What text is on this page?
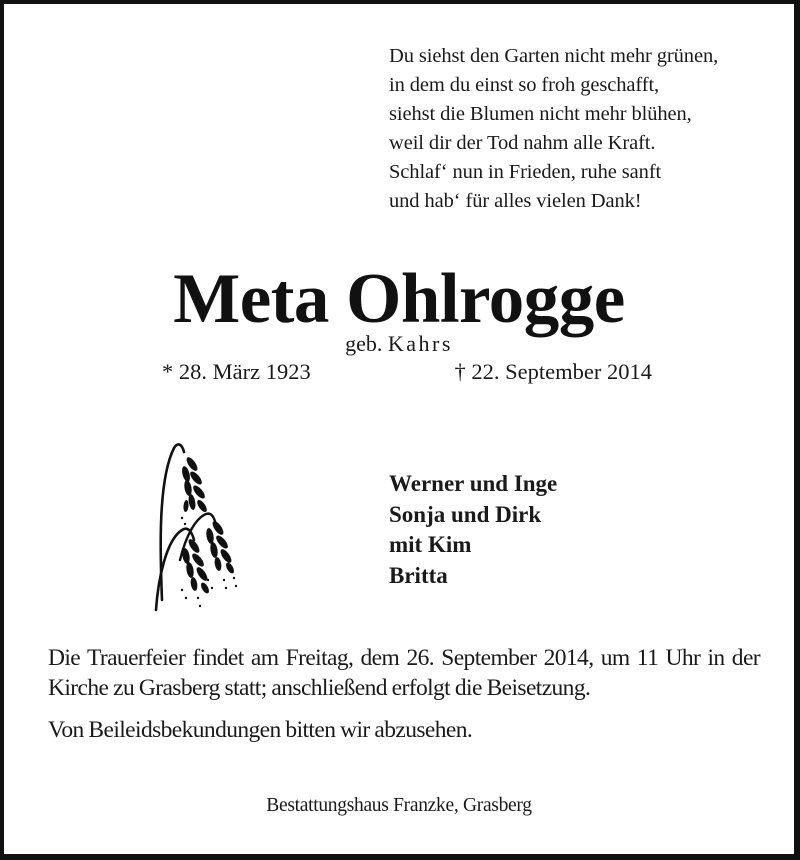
Du siehst den Garten nicht mehr grünen,
in dem du einst so froh geschafft,
siehst die Blumen nicht mehr blühen,
weil dir der Tod nahm alle Kraft.
Schlaf‘ nun in Frieden, ruhe sanft
und hab‘ für alles vielen Dank!
Meta Ohlrogge
geb. Kahrs
* 28. März 1923	† 22. September 2014
Werner und Inge
Sonja und Dirk
mit Kim
Britta

Die Trauerfeier findet am Freitag, dem 26. September 2014, um 11 Uhr in der Kirche zu Grasberg statt; anschließend erfolgt die Beisetzung.

Von Beileidsbekundungen bitten wir abzusehen.

Bestattungshaus Franzke, Grasberg
